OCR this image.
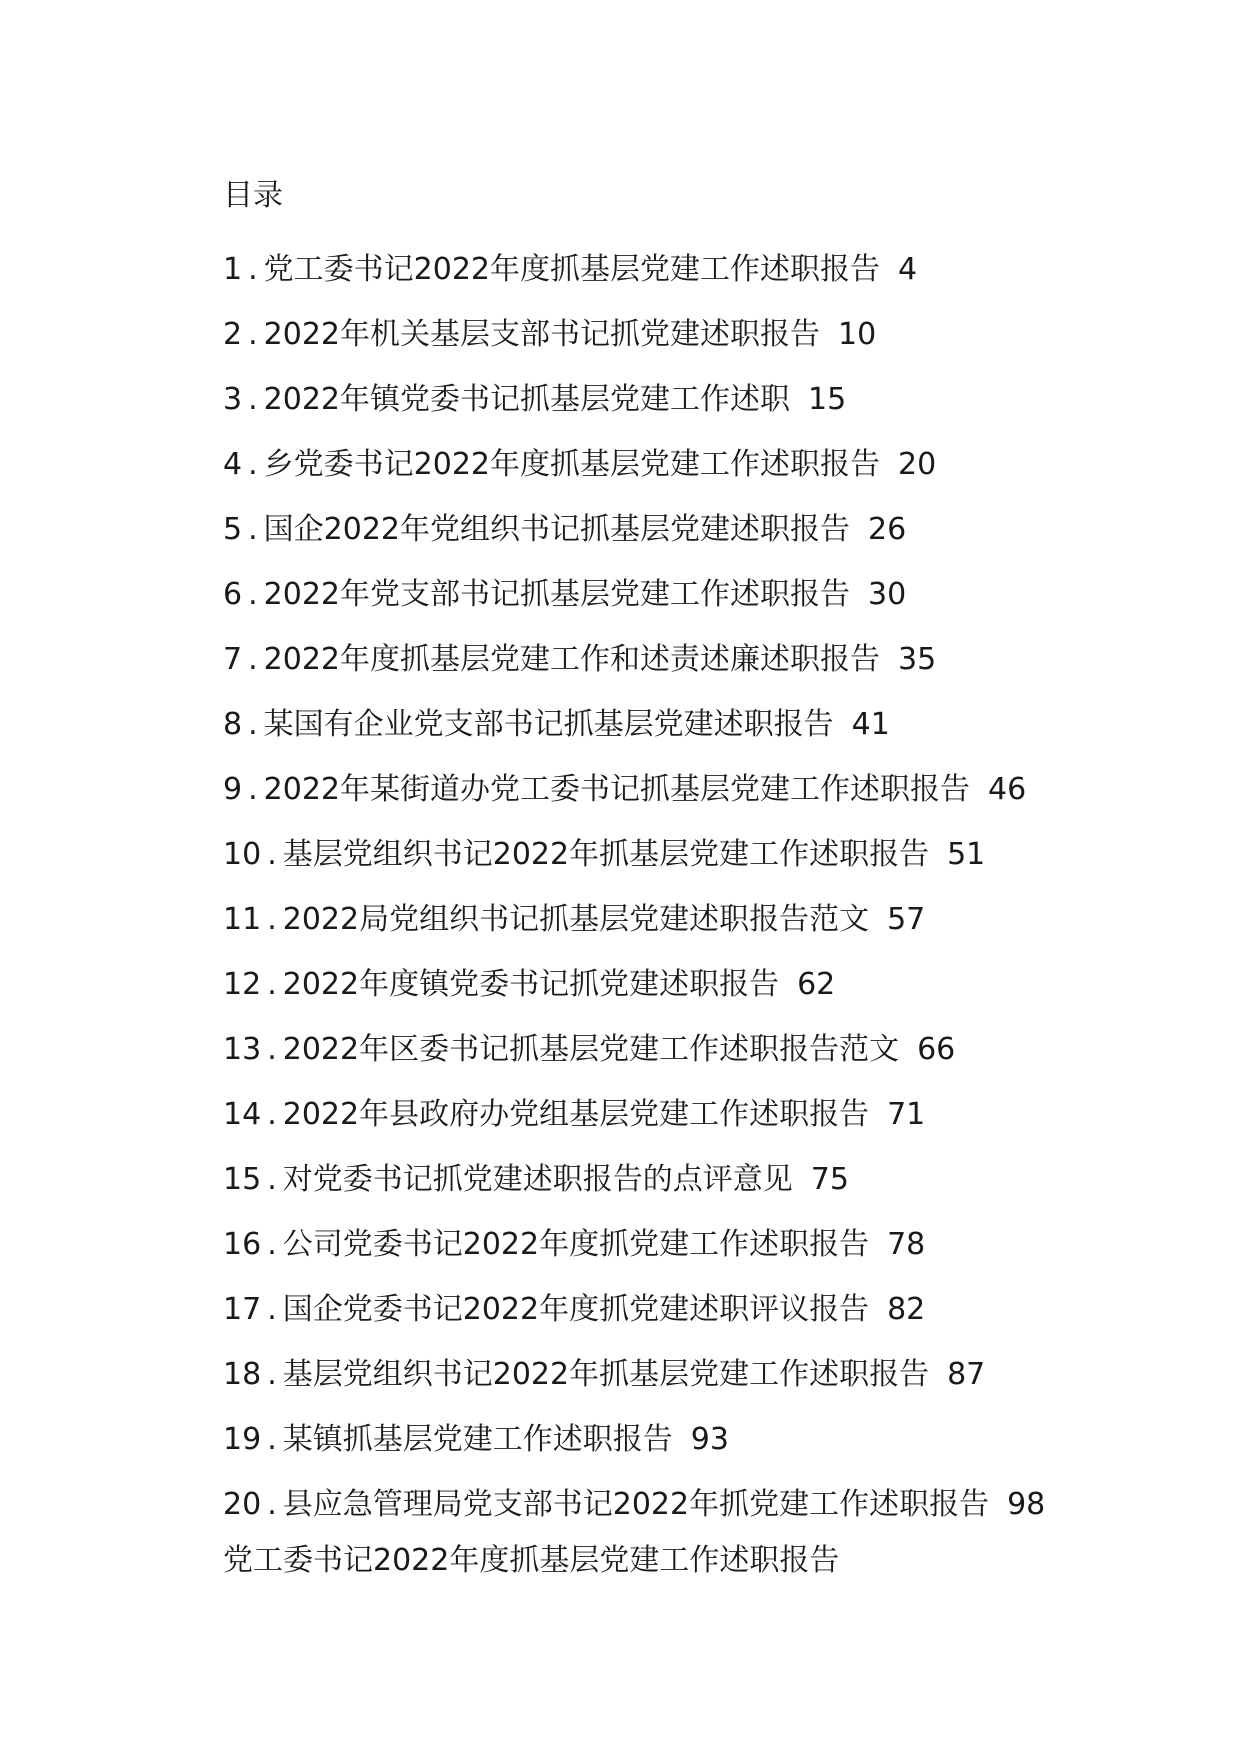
目录
1 . 党工委书记2022年度抓基层党建工作述职报告 4
2 . 2022年机关基层支部书记抓党建述职报告 10
3 . 2022年镇党委书记抓基层党建工作述职 15
4 . 乡党委书记2022年度抓基层党建工作述职报告 20
5 . 国企2022年党组织书记抓基层党建述职报告 26
6 . 2022年党支部书记抓基层党建工作述职报告 30
7 . 2022年度抓基层党建工作和述责述廉述职报告 35
8 . 某国有企业党支部书记抓基层党建述职报告 41
9 . 2022年某街道办党工委书记抓基层党建工作述职报告 46
10 . 基层党组织书记2022年抓基层党建工作述职报告 51
11 . 2022局党组织书记抓基层党建述职报告范文 57
12 . 2022年度镇党委书记抓党建述职报告 62
13 . 2022年区委书记抓基层党建工作述职报告范文 66
14 . 2022年县政府办党组基层党建工作述职报告 71
15 . 对党委书记抓党建述职报告的点评意见 75
16 . 公司党委书记2022年度抓党建工作述职报告 78
17 . 国企党委书记2022年度抓党建述职评议报告 82
18 . 基层党组织书记2022年抓基层党建工作述职报告 87
19 . 某镇抓基层党建工作述职报告 93
20 . 县应急管理局党支部书记2022年抓党建工作述职报告 98
党工委书记2022年度抓基层党建工作述职报告
